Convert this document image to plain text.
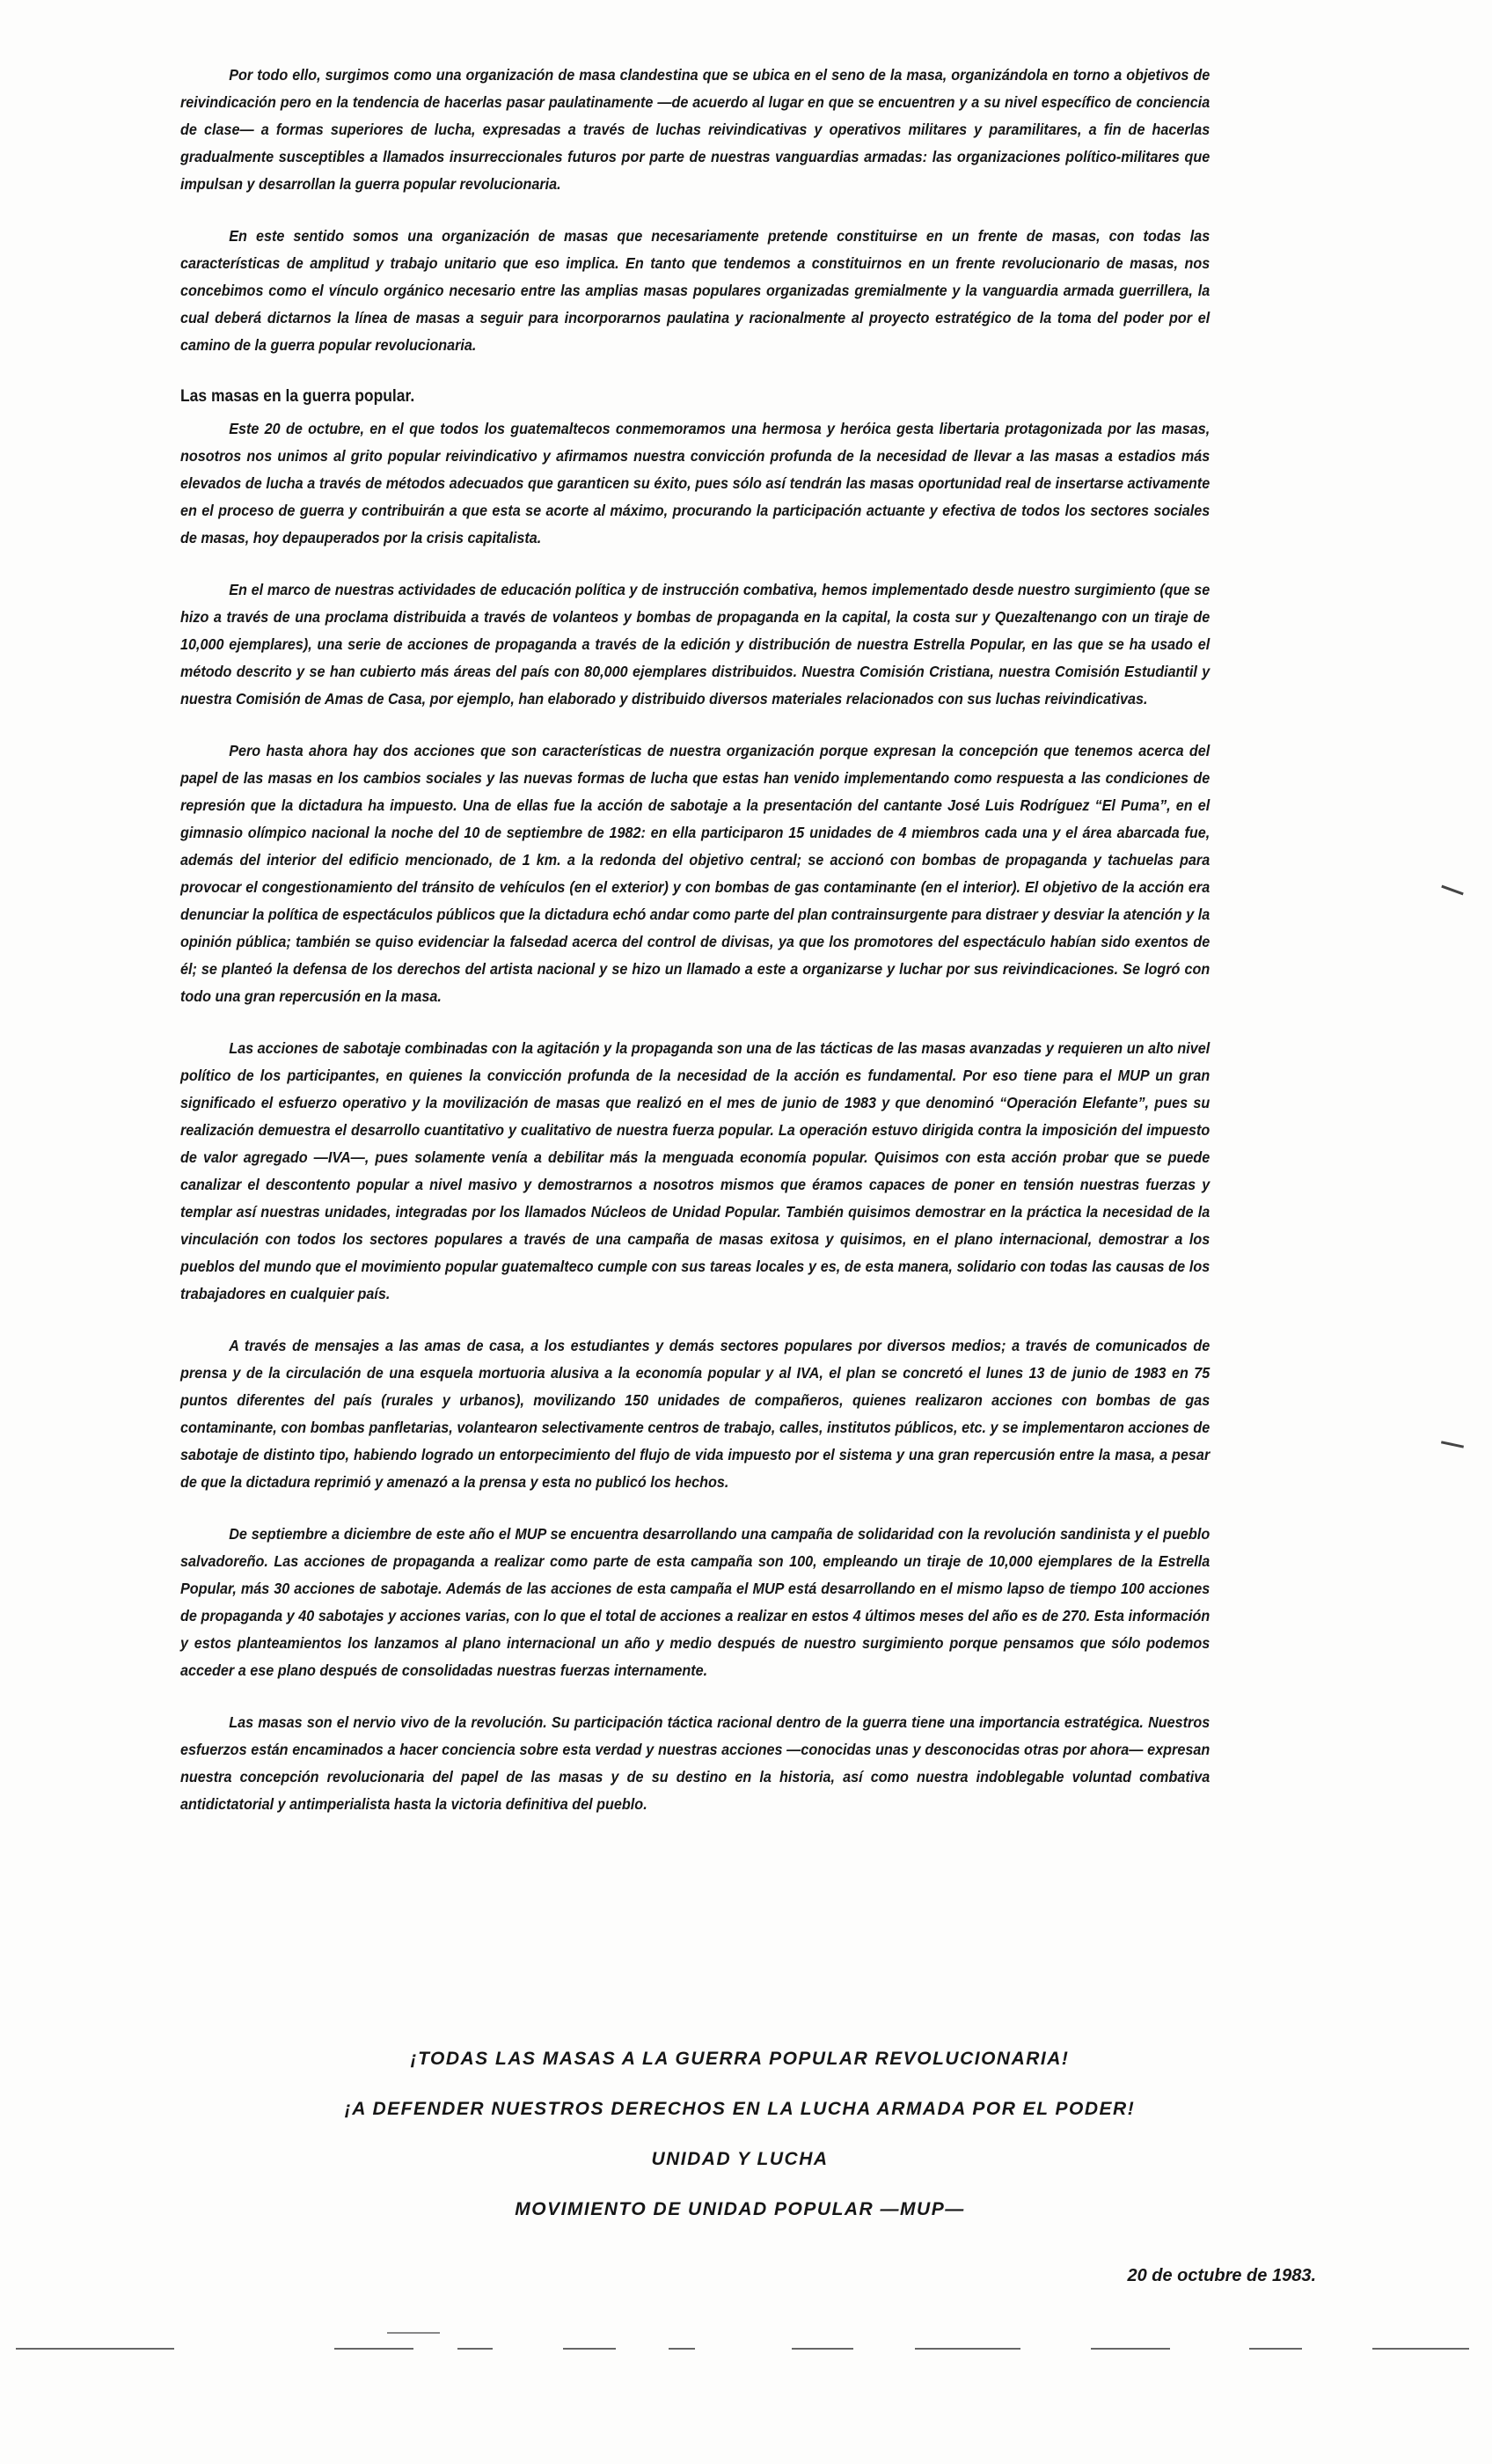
Por todo ello, surgimos como una organización de masa clandestina que se ubica en el seno de la masa, organizándola en torno a objetivos de reivindicación pero en la tendencia de hacerlas pasar paulatinamente —de acuerdo al lugar en que se encuentren y a su nivel específico de conciencia de clase— a formas superiores de lucha, expresadas a través de luchas reivindicativas y operativos militares y paramilitares, a fin de hacerlas gradualmente susceptibles a llamados insurreccionales futuros por parte de nuestras vanguardias armadas: las organizaciones político-militares que impulsan y desarrollan la guerra popular revolucionaria.

En este sentido somos una organización de masas que necesariamente pretende constituirse en un frente de masas, con todas las características de amplitud y trabajo unitario que eso implica. En tanto que tendemos a constituirnos en un frente revolucionario de masas, nos concebimos como el vínculo orgánico necesario entre las amplias masas populares organizadas gremialmente y la vanguardia armada guerrillera, la cual deberá dictarnos la línea de masas a seguir para incorporarnos paulatina y racionalmente al proyecto estratégico de la toma del poder por el camino de la guerra popular revolucionaria.

Las masas en la guerra popular.

Este 20 de octubre, en el que todos los guatemaltecos conmemoramos una hermosa y heróica gesta libertaria protagonizada por las masas, nosotros nos unimos al grito popular reivindicativo y afirmamos nuestra convicción profunda de la necesidad de llevar a las masas a estadios más elevados de lucha a través de métodos adecuados que garanticen su éxito, pues sólo así tendrán las masas oportunidad real de insertarse activamente en el proceso de guerra y contribuirán a que esta se acorte al máximo, procurando la participación actuante y efectiva de todos los sectores sociales de masas, hoy depauperados por la crisis capitalista.

En el marco de nuestras actividades de educación política y de instrucción combativa, hemos implementado desde nuestro surgimiento (que se hizo a través de una proclama distribuida a través de volanteos y bombas de propaganda en la capital, la costa sur y Quezaltenango con un tiraje de 10,000 ejemplares), una serie de acciones de propaganda a través de la edición y distribución de nuestra Estrella Popular, en las que se ha usado el método descrito y se han cubierto más áreas del país con 80,000 ejemplares distribuidos. Nuestra Comisión Cristiana, nuestra Comisión Estudiantil y nuestra Comisión de Amas de Casa, por ejemplo, han elaborado y distribuido diversos materiales relacionados con sus luchas reivindicativas.

Pero hasta ahora hay dos acciones que son características de nuestra organización porque expresan la concepción que tenemos acerca del papel de las masas en los cambios sociales y las nuevas formas de lucha que estas han venido implementando como respuesta a las condiciones de represión que la dictadura ha impuesto. Una de ellas fue la acción de sabotaje a la presentación del cantante José Luis Rodríguez “El Puma”, en el gimnasio olímpico nacional la noche del 10 de septiembre de 1982: en ella participaron 15 unidades de 4 miembros cada una y el área abarcada fue, además del interior del edificio mencionado, de 1 km. a la redonda del objetivo central; se accionó con bombas de propaganda y tachuelas para provocar el congestionamiento del tránsito de vehículos (en el exterior) y con bombas de gas contaminante (en el interior). El objetivo de la acción era denunciar la política de espectáculos públicos que la dictadura echó andar como parte del plan contrainsurgente para distraer y desviar la atención y la opinión pública; también se quiso evidenciar la falsedad acerca del control de divisas, ya que los promotores del espectáculo habían sido exentos de él; se planteó la defensa de los derechos del artista nacional y se hizo un llamado a este a organizarse y luchar por sus reivindicaciones. Se logró con todo una gran repercusión en la masa.

Las acciones de sabotaje combinadas con la agitación y la propaganda son una de las tácticas de las masas avanzadas y requieren un alto nivel político de los participantes, en quienes la convicción profunda de la necesidad de la acción es fundamental. Por eso tiene para el MUP un gran significado el esfuerzo operativo y la movilización de masas que realizó en el mes de junio de 1983 y que denominó “Operación Elefante”, pues su realización demuestra el desarrollo cuantitativo y cualitativo de nuestra fuerza popular. La operación estuvo dirigida contra la imposición del impuesto de valor agregado —IVA—, pues solamente venía a debilitar más la menguada economía popular. Quisimos con esta acción probar que se puede canalizar el descontento popular a nivel masivo y demostrarnos a nosotros mismos que éramos capaces de poner en tensión nuestras fuerzas y templar así nuestras unidades, integradas por los llamados Núcleos de Unidad Popular. También quisimos demostrar en la práctica la necesidad de la vinculación con todos los sectores populares a través de una campaña de masas exitosa y quisimos, en el plano internacional, demostrar a los pueblos del mundo que el movimiento popular guatemalteco cumple con sus tareas locales y es, de esta manera, solidario con todas las causas de los trabajadores en cualquier país.

A través de mensajes a las amas de casa, a los estudiantes y demás sectores populares por diversos medios; a través de comunicados de prensa y de la circulación de una esquela mortuoria alusiva a la economía popular y al IVA, el plan se concretó el lunes 13 de junio de 1983 en 75 puntos diferentes del país (rurales y urbanos), movilizando 150 unidades de compañeros, quienes realizaron acciones con bombas de gas contaminante, con bombas panfletarias, volantearon selectivamente centros de trabajo, calles, institutos públicos, etc. y se implementaron acciones de sabotaje de distinto tipo, habiendo logrado un entorpecimiento del flujo de vida impuesto por el sistema y una gran repercusión entre la masa, a pesar de que la dictadura reprimió y amenazó a la prensa y esta no publicó los hechos.

De septiembre a diciembre de este año el MUP se encuentra desarrollando una campaña de solidaridad con la revolución sandinista y el pueblo salvadoreño. Las acciones de propaganda a realizar como parte de esta campaña son 100, empleando un tiraje de 10,000 ejemplares de la Estrella Popular, más 30 acciones de sabotaje. Además de las acciones de esta campaña el MUP está desarrollando en el mismo lapso de tiempo 100 acciones de propaganda y 40 sabotajes y acciones varias, con lo que el total de acciones a realizar en estos 4 últimos meses del año es de 270. Esta información y estos planteamientos los lanzamos al plano internacional un año y medio después de nuestro surgimiento porque pensamos que sólo podemos acceder a ese plano después de consolidadas nuestras fuerzas internamente.

Las masas son el nervio vivo de la revolución. Su participación táctica racional dentro de la guerra tiene una importancia estratégica. Nuestros esfuerzos están encaminados a hacer conciencia sobre esta verdad y nuestras acciones —conocidas unas y desconocidas otras por ahora— expresan nuestra concepción revolucionaria del papel de las masas y de su destino en la historia, así como nuestra indoblegable voluntad combativa antidictatorial y antimperialista hasta la victoria definitiva del pueblo.

¡TODAS LAS MASAS A LA GUERRA POPULAR REVOLUCIONARIA!
¡A DEFENDER NUESTROS DERECHOS EN LA LUCHA ARMADA POR EL PODER!
UNIDAD Y LUCHA
MOVIMIENTO DE UNIDAD POPULAR —MUP—
20 de octubre de 1983.
